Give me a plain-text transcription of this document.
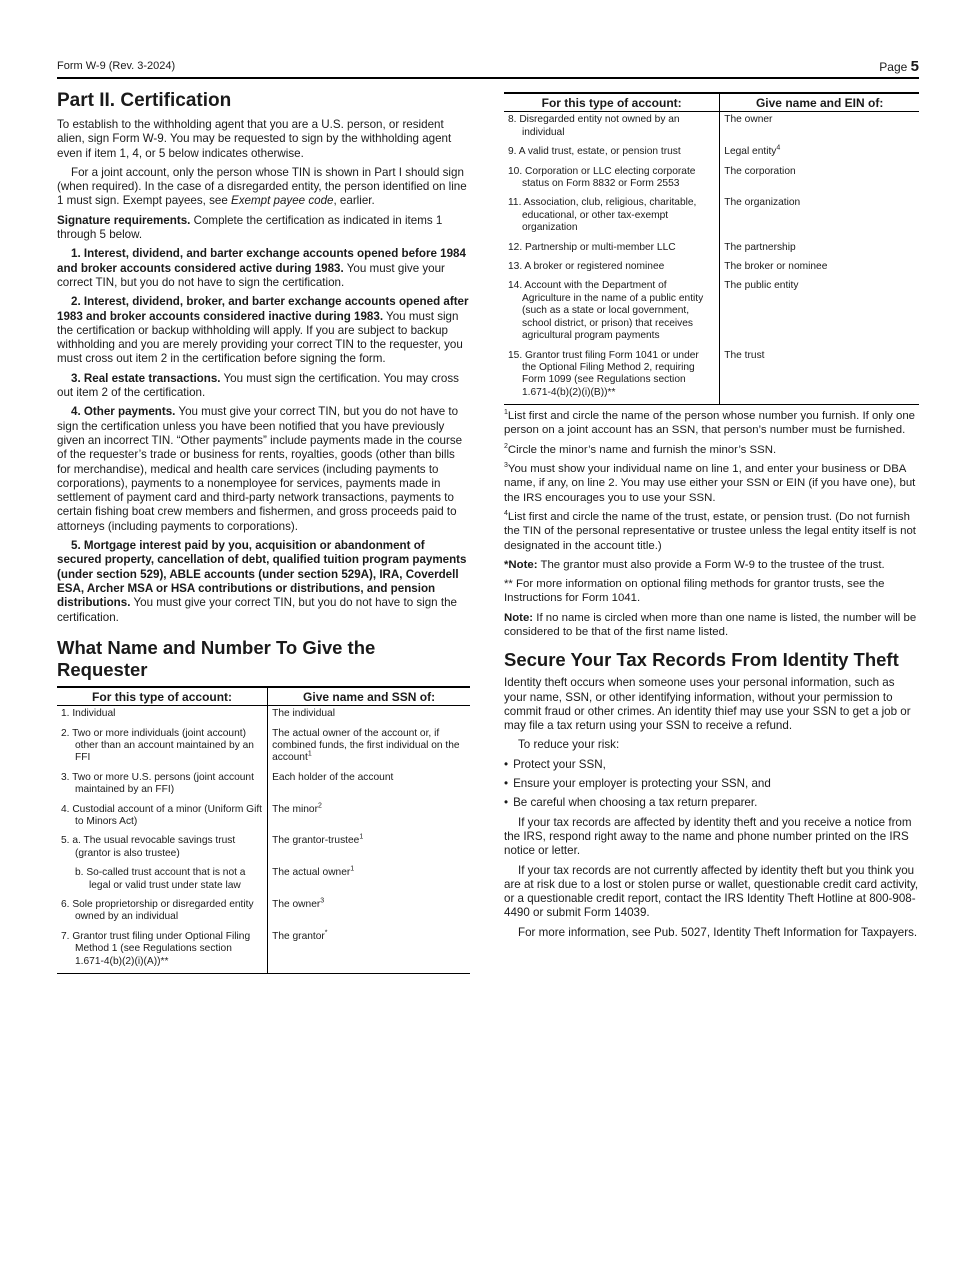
Form W-9 (Rev. 3-2024)	Page 5
Part II. Certification

To establish to the withholding agent that you are a U.S. person, or resident alien, sign Form W-9. You may be requested to sign by the withholding agent even if item 1, 4, or 5 below indicates otherwise.

For a joint account, only the person whose TIN is shown in Part I should sign (when required). In the case of a disregarded entity, the person identified on line 1 must sign. Exempt payees, see Exempt payee code, earlier.

Signature requirements. Complete the certification as indicated in items 1 through 5 below.

1. Interest, dividend, and barter exchange accounts opened before 1984 and broker accounts considered active during 1983. You must give your correct TIN, but you do not have to sign the certification.

2. Interest, dividend, broker, and barter exchange accounts opened after 1983 and broker accounts considered inactive during 1983. You must sign the certification or backup withholding will apply. If you are subject to backup withholding and you are merely providing your correct TIN to the requester, you must cross out item 2 in the certification before signing the form.

3. Real estate transactions. You must sign the certification. You may cross out item 2 of the certification.

4. Other payments. You must give your correct TIN, but you do not have to sign the certification unless you have been notified that you have previously given an incorrect TIN. “Other payments” include payments made in the course of the requester’s trade or business for rents, royalties, goods (other than bills for merchandise), medical and health care services (including payments to corporations), payments to a nonemployee for services, payments made in settlement of payment card and third-party network transactions, payments to certain fishing boat crew members and fishermen, and gross proceeds paid to attorneys (including payments to corporations).

5. Mortgage interest paid by you, acquisition or abandonment of secured property, cancellation of debt, qualified tuition program payments (under section 529), ABLE accounts (under section 529A), IRA, Coverdell ESA, Archer MSA or HSA contributions or distributions, and pension distributions. You must give your correct TIN, but you do not have to sign the certification.

What Name and Number To Give the Requester
For this type of account:	Give name and SSN of:

1. Individual	The individual

2. Two or more individuals (joint account) other than an account maintained by an FFI	The actual owner of the account or, if combined funds, the first individual on the account$^1$

3. Two or more U.S. persons (joint account maintained by an FFI)	Each holder of the account

4. Custodial account of a minor (Uniform Gift to Minors Act)	The minor$^2$

5. a. The usual revocable savings trust (grantor is also trustee)	The grantor-trustee$^1$

b. So-called trust account that is not a legal or valid trust under state law	The actual owner$^1$

6. Sole proprietorship or disregarded entity owned by an individual	The owner$^3$

7. Grantor trust filing under Optional Filing Method 1 (see Regulations section 1.671-4(b)(2)(i)(A))**	The grantor*
For this type of account:	Give name and EIN of:

8. Disregarded entity not owned by an individual	The owner

9. A valid trust, estate, or pension trust	Legal entity$^4$

10. Corporation or LLC electing corporate status on Form 8832 or Form 2553	The corporation

11. Association, club, religious, charitable, educational, or other tax-exempt organization	The organization

12. Partnership or multi-member LLC	The partnership

13. A broker or registered nominee	The broker or nominee

14. Account with the Department of Agriculture in the name of a public entity (such as a state or local government, school district, or prison) that receives agricultural program payments	The public entity

15. Grantor trust filing Form 1041 or under the Optional Filing Method 2, requiring Form 1099 (see Regulations section 1.671-4(b)(2)(i)(B))**	The trust

$^1$List first and circle the name of the person whose number you furnish. If only one person on a joint account has an SSN, that person’s number must be furnished.

$^2$Circle the minor’s name and furnish the minor’s SSN.

$^3$You must show your individual name on line 1, and enter your business or DBA name, if any, on line 2. You may use either your SSN or EIN (if you have one), but the IRS encourages you to use your SSN.

$^4$List first and circle the name of the trust, estate, or pension trust. (Do not furnish the TIN of the personal representative or trustee unless the legal entity itself is not designated in the account title.)

*Note: The grantor must also provide a Form W-9 to the trustee of the trust.

** For more information on optional filing methods for grantor trusts, see the Instructions for Form 1041.

Note: If no name is circled when more than one name is listed, the number will be considered to be that of the first name listed.

Secure Your Tax Records From Identity Theft

Identity theft occurs when someone uses your personal information, such as your name, SSN, or other identifying information, without your permission to commit fraud or other crimes. An identity thief may use your SSN to get a job or may file a tax return using your SSN to receive a refund.

To reduce your risk:

• Protect your SSN,
• Ensure your employer is protecting your SSN, and
• Be careful when choosing a tax return preparer.

If your tax records are affected by identity theft and you receive a notice from the IRS, respond right away to the name and phone number printed on the IRS notice or letter.

If your tax records are not currently affected by identity theft but you think you are at risk due to a lost or stolen purse or wallet, questionable credit card activity, or a questionable credit report, contact the IRS Identity Theft Hotline at 800-908-4490 or submit Form 14039.

For more information, see Pub. 5027, Identity Theft Information for Taxpayers.
